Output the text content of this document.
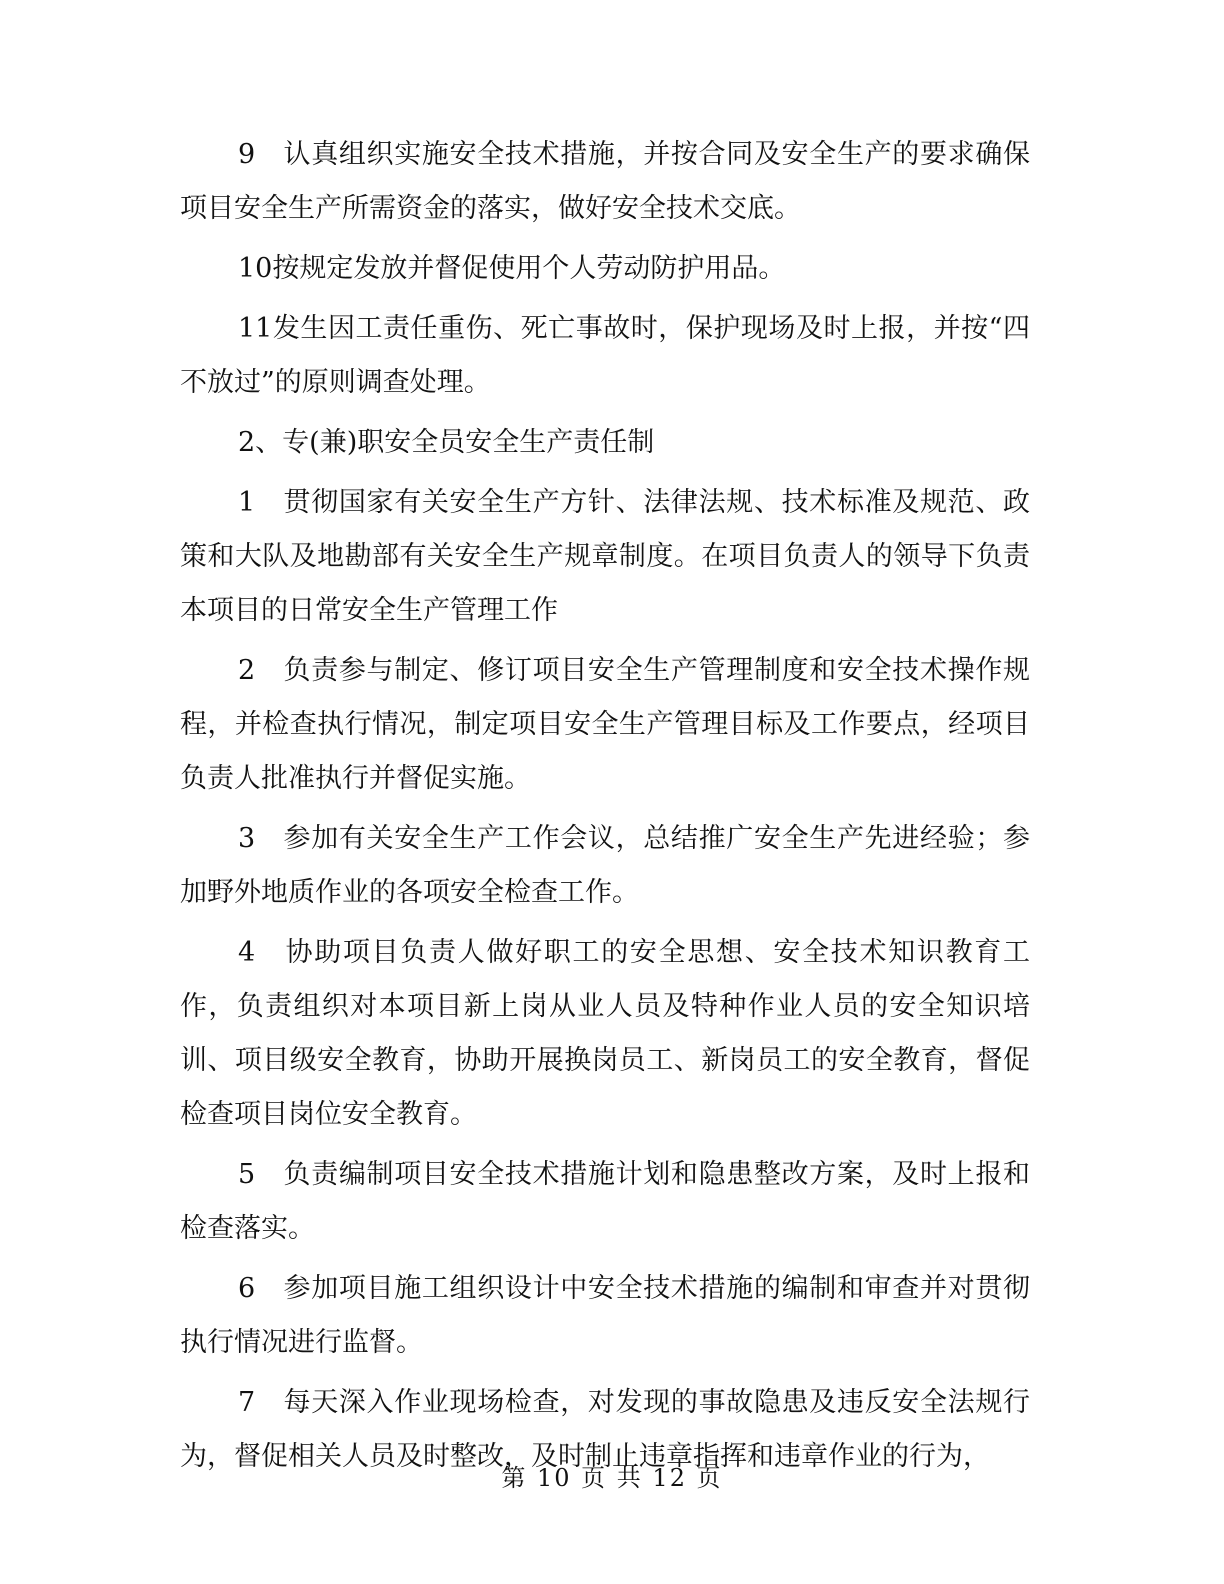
9　认真组织实施安全技术措施，并按合同及安全生产的要求确保项目安全生产所需资金的落实，做好安全技术交底。

10按规定发放并督促使用个人劳动防护用品。

11发生因工责任重伤、死亡事故时，保护现场及时上报，并按“四不放过”的原则调查处理。

2、专(兼)职安全员安全生产责任制

1　贯彻国家有关安全生产方针、法律法规、技术标准及规范、政策和大队及地勘部有关安全生产规章制度。在项目负责人的领导下负责本项目的日常安全生产管理工作

2　负责参与制定、修订项目安全生产管理制度和安全技术操作规程，并检查执行情况，制定项目安全生产管理目标及工作要点，经项目负责人批准执行并督促实施。

3　参加有关安全生产工作会议，总结推广安全生产先进经验；参加野外地质作业的各项安全检查工作。

4　协助项目负责人做好职工的安全思想、安全技术知识教育工作，负责组织对本项目新上岗从业人员及特种作业人员的安全知识培训、项目级安全教育，协助开展换岗员工、新岗员工的安全教育，督促检查项目岗位安全教育。

5　负责编制项目安全技术措施计划和隐患整改方案，及时上报和检查落实。

6　参加项目施工组织设计中安全技术措施的编制和审查并对贯彻执行情况进行监督。

7　每天深入作业现场检查，对发现的事故隐患及违反安全法规行为，督促相关人员及时整改，及时制止违章指挥和违章作业的行为，

第 10 页 共 12 页
